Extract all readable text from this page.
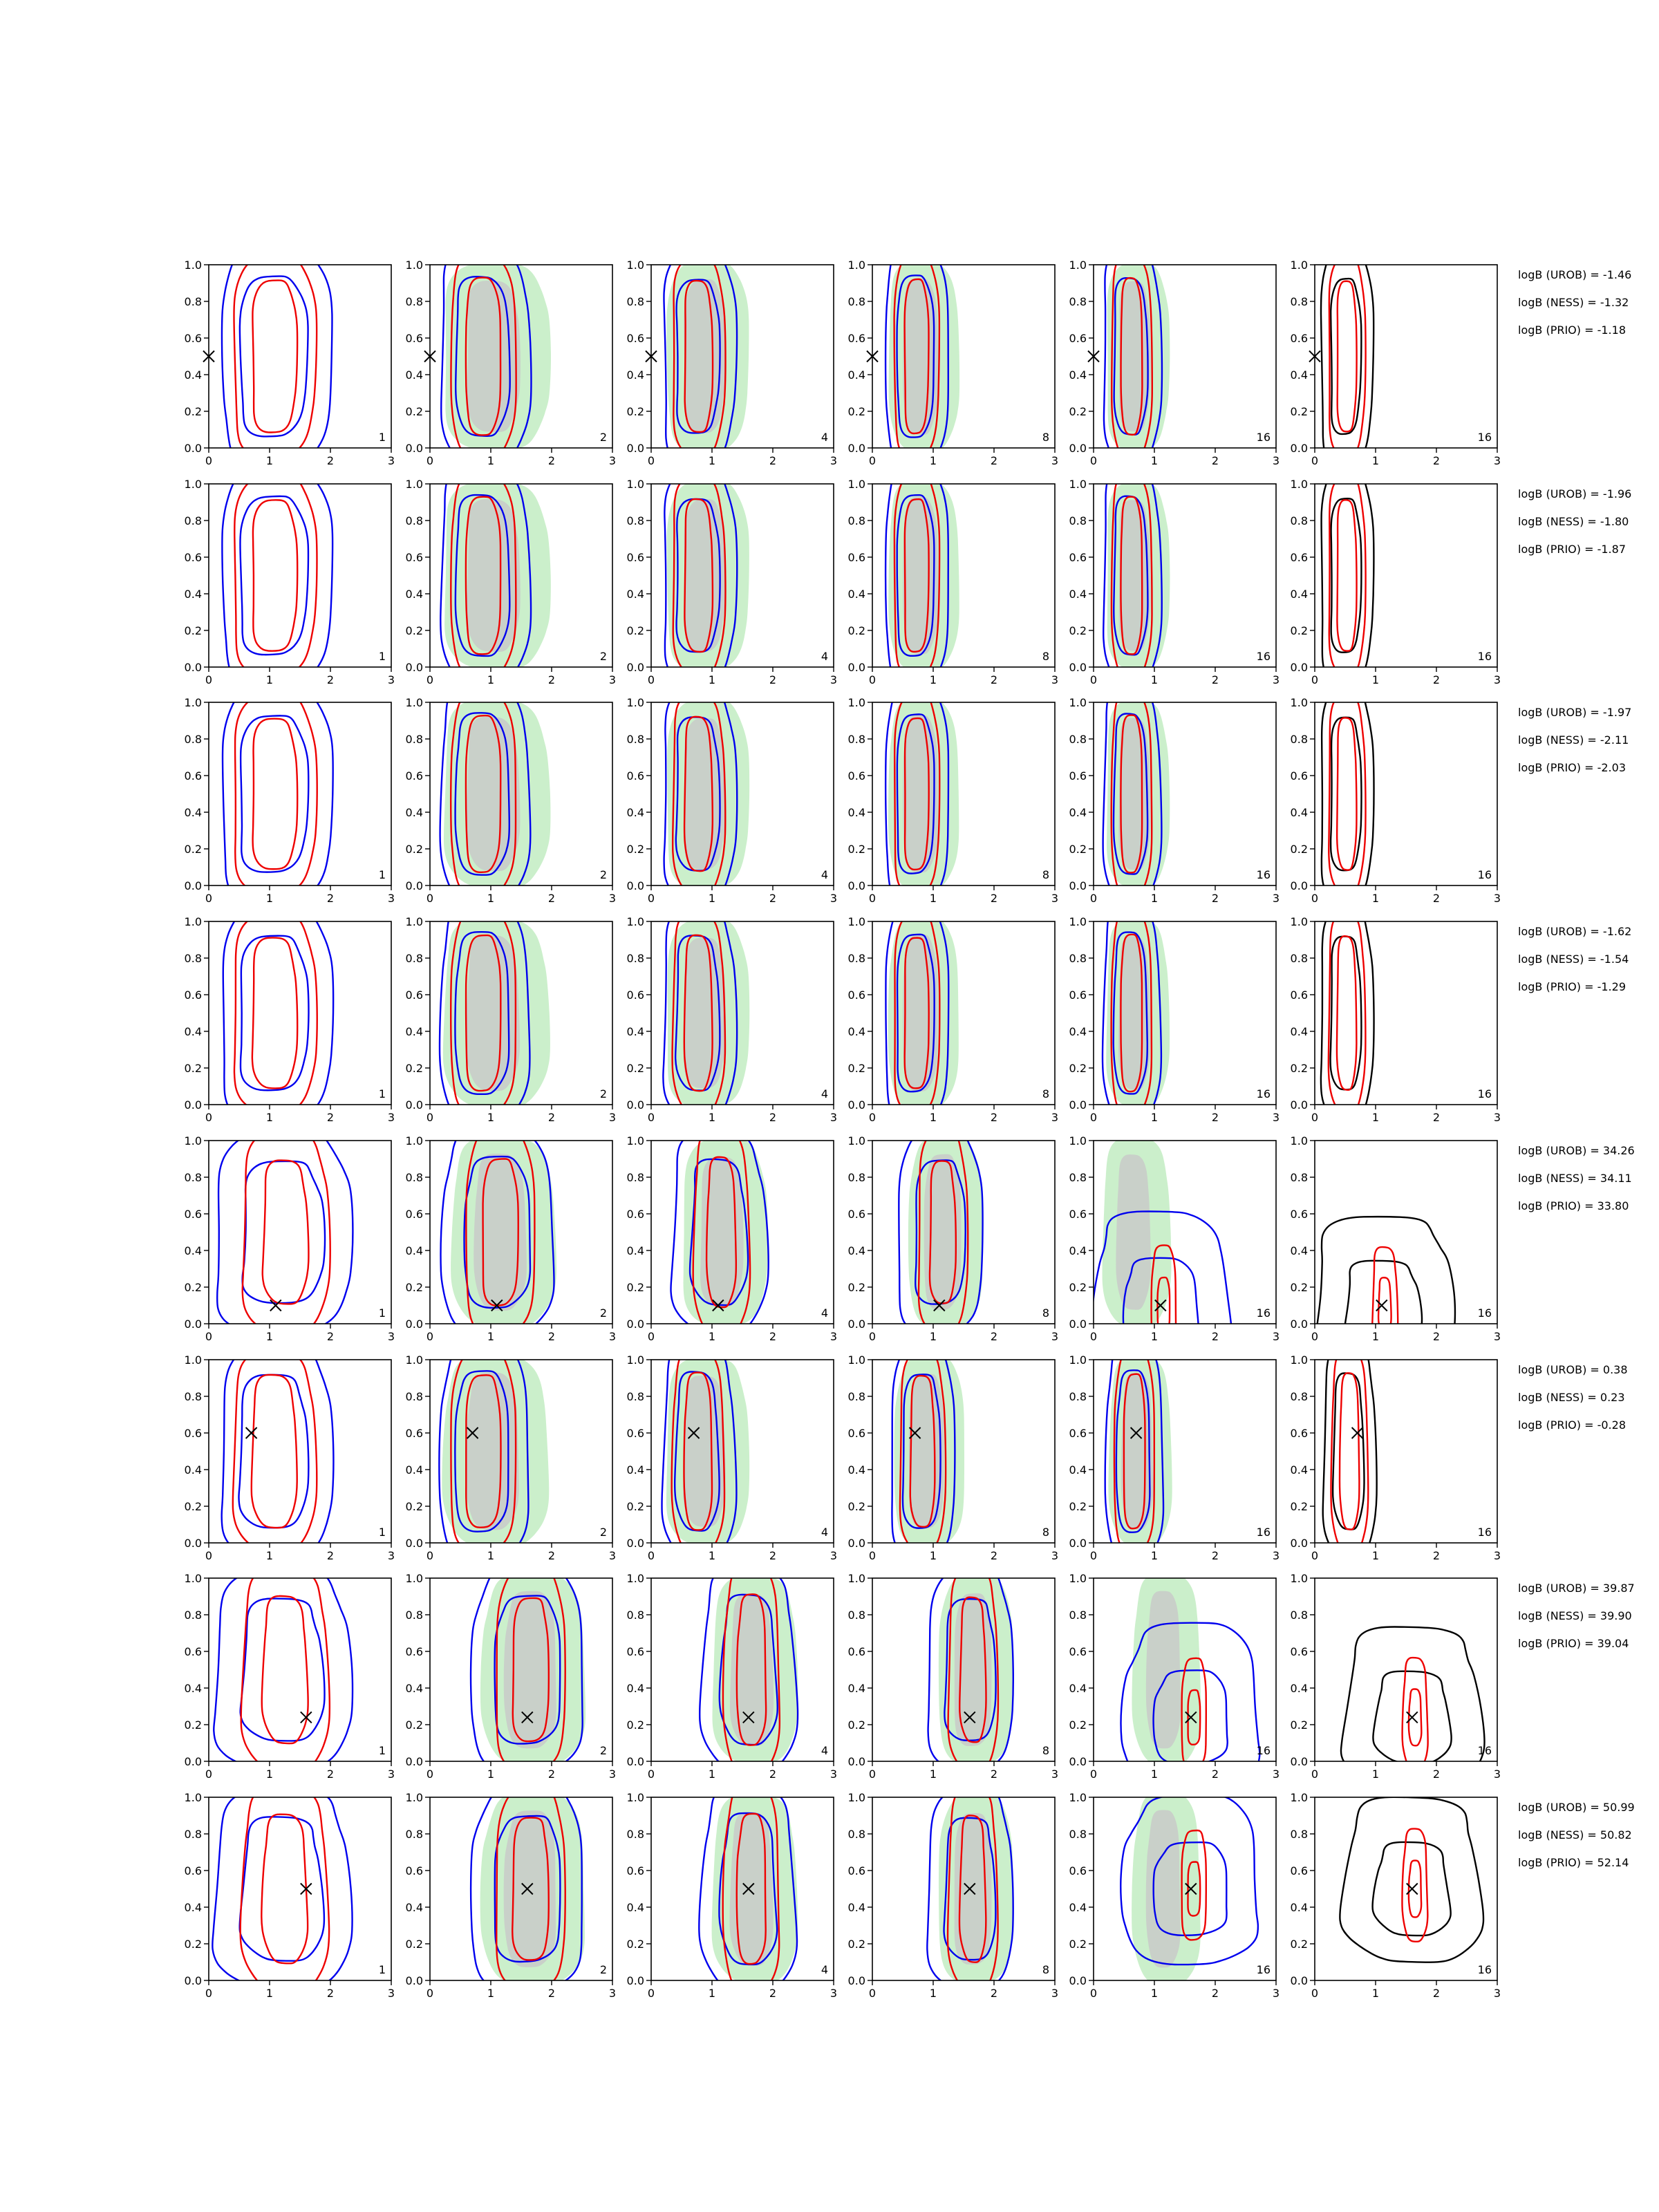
0	1	2	3
0.0
0.2
0.4
0.6
0.8
1.0
1
0	1	2	3
0.0
0.2
0.4
0.6
0.8
1.0
2
0	1	2	3
0.0
0.2
0.4
0.6
0.8
1.0
4
0	1	2	3
0.0
0.2
0.4
0.6
0.8
1.0
8
0	1	2	3
0.0
0.2
0.4
0.6
0.8
1.0
16
0	1	2	3
0.0
0.2
0.4
0.6
0.8
1.0
16
logB (UROB) = -1.46
logB (NESS) = -1.32
logB (PRIO) = -1.18
0	1	2	3
0.0
0.2
0.4
0.6
0.8
1.0
1
0	1	2	3
0.0
0.2
0.4
0.6
0.8
1.0
2
0	1	2	3
0.0
0.2
0.4
0.6
0.8
1.0
4
0	1	2	3
0.0
0.2
0.4
0.6
0.8
1.0
8
0	1	2	3
0.0
0.2
0.4
0.6
0.8
1.0
16
0	1	2	3
0.0
0.2
0.4
0.6
0.8
1.0
16
logB (UROB) = -1.96
logB (NESS) = -1.80
logB (PRIO) = -1.87
0	1	2	3
0.0
0.2
0.4
0.6
0.8
1.0
1
0	1	2	3
0.0
0.2
0.4
0.6
0.8
1.0
2
0	1	2	3
0.0
0.2
0.4
0.6
0.8
1.0
4
0	1	2	3
0.0
0.2
0.4
0.6
0.8
1.0
8
0	1	2	3
0.0
0.2
0.4
0.6
0.8
1.0
16
0	1	2	3
0.0
0.2
0.4
0.6
0.8
1.0
16
logB (UROB) = -1.97
logB (NESS) = -2.11
logB (PRIO) = -2.03
0	1	2	3
0.0
0.2
0.4
0.6
0.8
1.0
1
0	1	2	3
0.0
0.2
0.4
0.6
0.8
1.0
2
0	1	2	3
0.0
0.2
0.4
0.6
0.8
1.0
4
0	1	2	3
0.0
0.2
0.4
0.6
0.8
1.0
8
0	1	2	3
0.0
0.2
0.4
0.6
0.8
1.0
16
0	1	2	3
0.0
0.2
0.4
0.6
0.8
1.0
16
logB (UROB) = -1.62
logB (NESS) = -1.54
logB (PRIO) = -1.29
0	1	2	3
0.0
0.2
0.4
0.6
0.8
1.0
1
0	1	2	3
0.0
0.2
0.4
0.6
0.8
1.0
2
0	1	2	3
0.0
0.2
0.4
0.6
0.8
1.0
4
0	1	2	3
0.0
0.2
0.4
0.6
0.8
1.0
8
0	1	2	3
0.0
0.2
0.4
0.6
0.8
1.0
16
0	1	2	3
0.0
0.2
0.4
0.6
0.8
1.0
16
logB (UROB) = 34.26
logB (NESS) = 34.11
logB (PRIO) = 33.80
0	1	2	3
0.0
0.2
0.4
0.6
0.8
1.0
1
0	1	2	3
0.0
0.2
0.4
0.6
0.8
1.0
2
0	1	2	3
0.0
0.2
0.4
0.6
0.8
1.0
4
0	1	2	3
0.0
0.2
0.4
0.6
0.8
1.0
8
0	1	2	3
0.0
0.2
0.4
0.6
0.8
1.0
16
0	1	2	3
0.0
0.2
0.4
0.6
0.8
1.0
16
logB (UROB) = 0.38
logB (NESS) = 0.23
logB (PRIO) = -0.28
0	1	2	3
0.0
0.2
0.4
0.6
0.8
1.0
1
0	1	2	3
0.0
0.2
0.4
0.6
0.8
1.0
2
0	1	2	3
0.0
0.2
0.4
0.6
0.8
1.0
4
0	1	2	3
0.0
0.2
0.4
0.6
0.8
1.0
8
0	1	2	3
0.0
0.2
0.4
0.6
0.8
1.0
16
0	1	2	3
0.0
0.2
0.4
0.6
0.8
1.0
16
logB (UROB) = 39.87
logB (NESS) = 39.90
logB (PRIO) = 39.04
0	1	2	3
0.0
0.2
0.4
0.6
0.8
1.0
1
0	1	2	3
0.0
0.2
0.4
0.6
0.8
1.0
2
0	1	2	3
0.0
0.2
0.4
0.6
0.8
1.0
4
0	1	2	3
0.0
0.2
0.4
0.6
0.8
1.0
8
0	1	2	3
0.0
0.2
0.4
0.6
0.8
1.0
16
0	1	2	3
0.0
0.2
0.4
0.6
0.8
1.0
16
logB (UROB) = 50.99
logB (NESS) = 50.82
logB (PRIO) = 52.14
